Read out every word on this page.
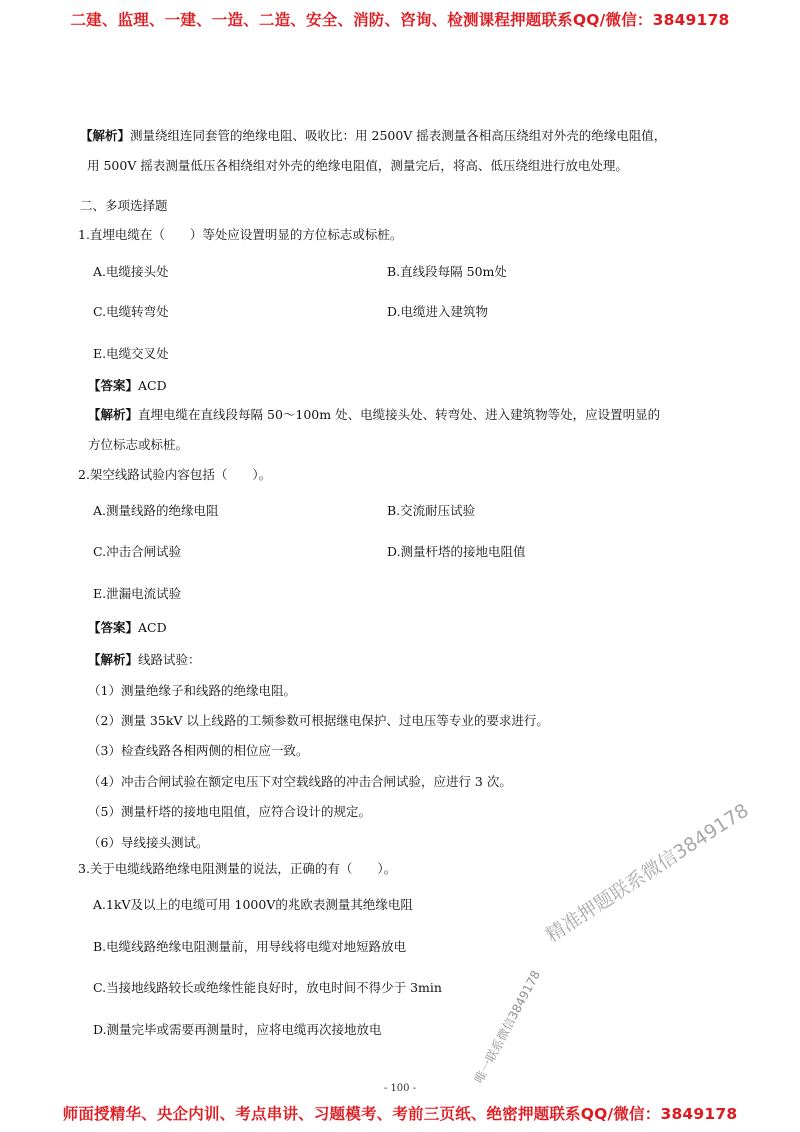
二建、监理、一建、一造、二造、安全、消防、咨询、检测课程押题联系QQ/微信：3849178
【解析】测量绕组连同套管的绝缘电阻、吸收比：用 2500V 摇表测量各相高压绕组对外壳的绝缘电阻值，
用 500V 摇表测量低压各相绕组对外壳的绝缘电阻值，测量完后，将高、低压绕组进行放电处理。
二、多项选择题
1.直埋电缆在（　　）等处应设置明显的方位标志或标桩。
A.电缆接头处	B.直线段每隔 50m处
C.电缆转弯处	D.电缆进入建筑物
E.电缆交叉处
【答案】ACD
【解析】直埋电缆在直线段每隔 50～100m 处、电缆接头处、转弯处、进入建筑物等处，应设置明显的
方位标志或标桩。
2.架空线路试验内容包括（　　）。
A.测量线路的绝缘电阻	B.交流耐压试验
C.冲击合闸试验	D.测量杆塔的接地电阻值
E.泄漏电流试验
【答案】ACD
【解析】线路试验：
（1）测量绝缘子和线路的绝缘电阻。
（2）测量 35kV 以上线路的工频参数可根据继电保护、过电压等专业的要求进行。
（3）检查线路各相两侧的相位应一致。
（4）冲击合闸试验在额定电压下对空载线路的冲击合闸试验，应进行 3 次。
（5）测量杆塔的接地电阻值，应符合设计的规定。
（6）导线接头测试。
3.关于电缆线路绝缘电阻测量的说法，正确的有（　　）。
A.1kV及以上的电缆可用 1000V的兆欧表测量其绝缘电阻
B.电缆线路绝缘电阻测量前，用导线将电缆对地短路放电
C.当接地线路较长或绝缘性能良好时，放电时间不得少于 3min
D.测量完毕或需要再测量时，应将电缆再次接地放电
- 100 -
精准押题联系微信3849178
唯一联系微信3849178
师面授精华、央企内训、考点串讲、习题模考、考前三页纸、绝密押题联系QQ/微信：3849178
